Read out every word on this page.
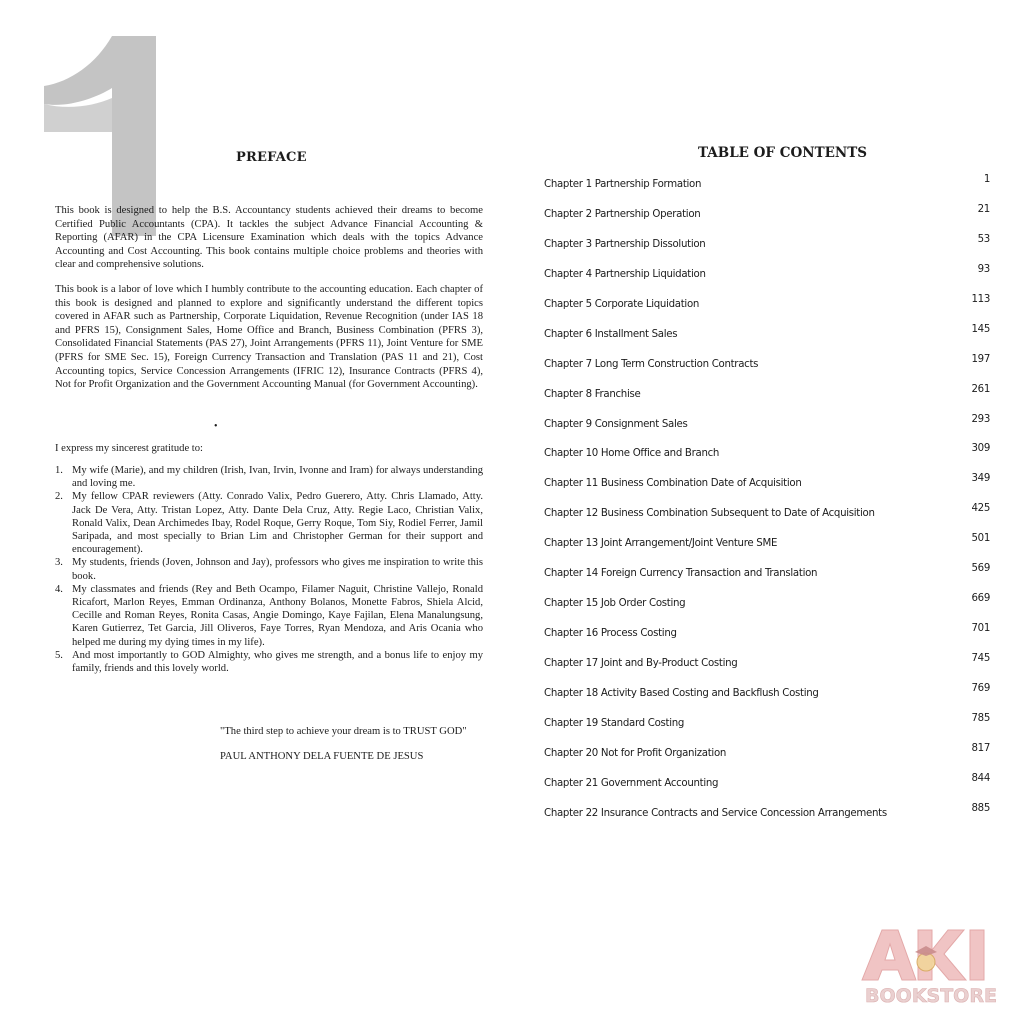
PREFACE
This book is designed to help the B.S. Accountancy students achieved their dreams to become Certified Public Accountants (CPA). It tackles the subject Advance Financial Accounting & Reporting (AFAR) in the CPA Licensure Examination which deals with the topics Advance Accounting and Cost Accounting. This book contains multiple choice problems and theories with clear and comprehensive solutions.
This book is a labor of love which I humbly contribute to the accounting education. Each chapter of this book is designed and planned to explore and significantly understand the different topics covered in AFAR such as Partnership, Corporate Liquidation, Revenue Recognition (under IAS 18 and PFRS 15), Consignment Sales, Home Office and Branch, Business Combination (PFRS 3), Consolidated Financial Statements (PAS 27), Joint Arrangements (PFRS 11), Joint Venture for SME (PFRS for SME Sec. 15), Foreign Currency Transaction and Translation (PAS 11 and 21), Cost Accounting topics, Service Concession Arrangements (IFRIC 12), Insurance Contracts (PFRS 4), Not for Profit Organization and the Government Accounting Manual (for Government Accounting).
•
I express my sincerest gratitude to:
1. My wife (Marie), and my children (Irish, Ivan, Irvin, Ivonne and Iram) for always understanding and loving me.
2. My fellow CPAR reviewers (Atty. Conrado Valix, Pedro Guerero, Atty. Chris Llamado, Atty. Jack De Vera, Atty. Tristan Lopez, Atty. Dante Dela Cruz, Atty. Regie Laco, Christian Valix, Ronald Valix, Dean Archimedes Ibay, Rodel Roque, Gerry Roque, Tom Siy, Rodiel Ferrer, Jamil Saripada, and most specially to Brian Lim and Christopher German for their support and encouragement).
3. My students, friends (Joven, Johnson and Jay), professors who gives me inspiration to write this book.
4. My classmates and friends (Rey and Beth Ocampo, Filamer Naguit, Christine Vallejo, Ronald Ricafort, Marlon Reyes, Emman Ordinanza, Anthony Bolanos, Monette Fabros, Shiela Alcid, Cecille and Roman Reyes, Ronita Casas, Angie Domingo, Kaye Fajilan, Elena Manalungsung, Karen Gutierrez, Tet Garcia, Jill Oliveros, Faye Torres, Ryan Mendoza, and Aris Ocania who helped me during my dying times in my life).
5. And most importantly to GOD Almighty, who gives me strength, and a bonus life to enjoy my family, friends and this lovely world.
"The third step to achieve your dream is to TRUST GOD"
PAUL ANTHONY DELA FUENTE DE JESUS
TABLE OF CONTENTS
Chapter 1 Partnership Formation	1
Chapter 2 Partnership Operation	21
Chapter 3 Partnership Dissolution	53
Chapter 4 Partnership Liquidation	93
Chapter 5 Corporate Liquidation	113
Chapter 6 Installment Sales	145
Chapter 7 Long Term Construction Contracts	197
Chapter 8 Franchise	261
Chapter 9 Consignment Sales	293
Chapter 10 Home Office and Branch	309
Chapter 11 Business Combination Date of Acquisition	349
Chapter 12 Business Combination Subsequent to Date of Acquisition	425
Chapter 13 Joint Arrangement/Joint Venture SME	501
Chapter 14 Foreign Currency Transaction and Translation	569
Chapter 15 Job Order Costing	669
Chapter 16 Process Costing	701
Chapter 17 Joint and By-Product Costing	745
Chapter 18 Activity Based Costing and Backflush Costing	769
Chapter 19 Standard Costing	785
Chapter 20 Not for Profit Organization	817
Chapter 21 Government Accounting	844
Chapter 22 Insurance Contracts and Service Concession Arrangements	885
BOOKSTORE
